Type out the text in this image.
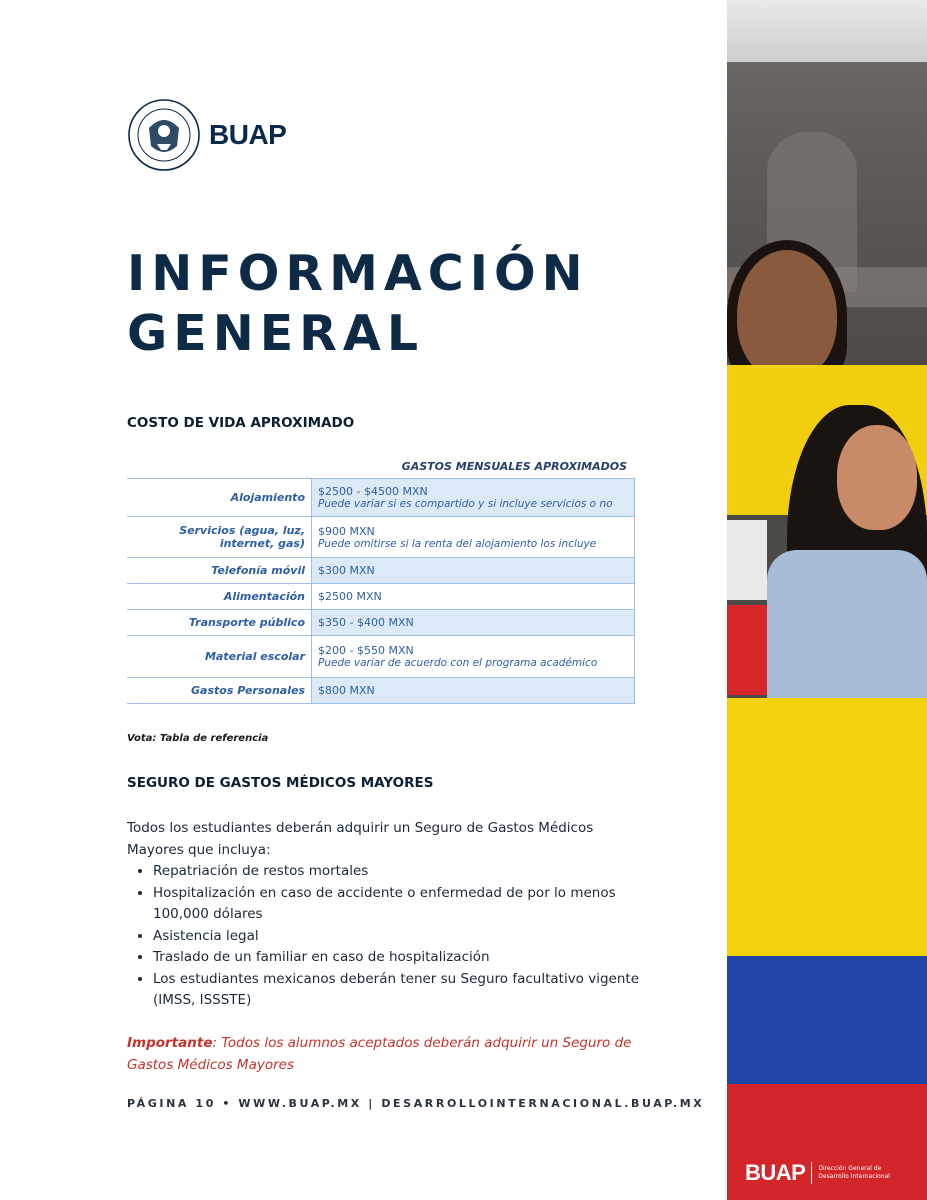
BUAP
INFORMACIÓN
GENERAL
COSTO DE VIDA APROXIMADO
GASTOS MENSUALES APROXIMADOS
Alojamiento	$2500 - $4500 MXN
Puede variar si es compartido y si incluye servicios o no

Servicios (agua, luz, internet, gas)	$900 MXN
Puede omitirse si la renta del alojamiento los incluye

Telefonía móvil	$300 MXN
Alimentación	$2500 MXN
Transporte público	$350 - $400 MXN
Material escolar	$200 - $550 MXN
Puede variar de acuerdo con el programa académico

Gastos Personales	$800 MXN
Vota: Tabla de referencia
SEGURO DE GASTOS MÉDICOS MAYORES

Todos los estudiantes deberán adquirir un Seguro de Gastos Médicos Mayores que incluya:

• Repatriación de restos mortales
• Hospitalización en caso de accidente o enfermedad de por lo menos 100,000 dólares
• Asistencia legal
• Traslado de un familiar en caso de hospitalización
• Los estudiantes mexicanos deberán tener su Seguro facultativo vigente (IMSS, ISSSTE)
Importante: Todos los alumnos aceptados deberán adquirir un Seguro de Gastos Médicos Mayores
PÁGINA 10 • WWW.BUAP.MX | DESARROLLOINTERNACIONAL.BUAP.MX
BUAP Dirección General de Desarrollo Internacional
